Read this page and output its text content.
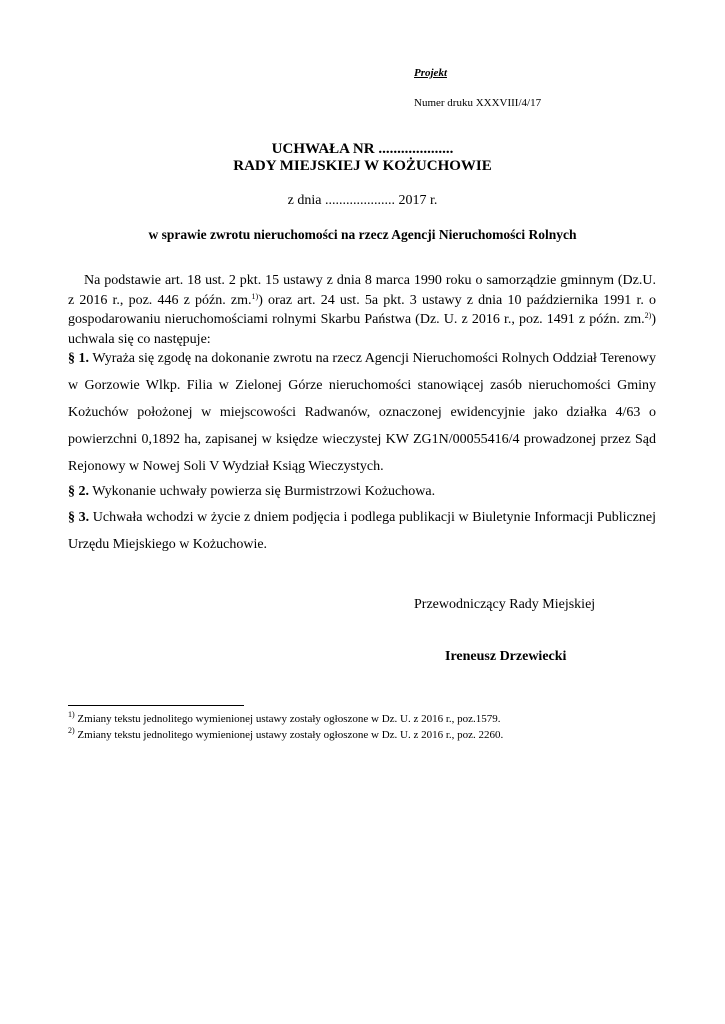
Projekt
Numer druku XXXVIII/4/17
UCHWAŁA NR ....................
RADY MIEJSKIEJ W KOŻUCHOWIE
z dnia .................... 2017 r.
w sprawie zwrotu nieruchomości na rzecz Agencji Nieruchomości Rolnych
Na podstawie art. 18 ust. 2 pkt. 15 ustawy z dnia 8 marca 1990 roku o samorządzie gminnym (Dz.U. z 2016 r., poz. 446 z późn. zm.$^{1)}$) oraz art. 24 ust. 5a pkt. 3 ustawy z dnia 10 października 1991 r. o gospodarowaniu nieruchomościami rolnymi Skarbu Państwa (Dz. U. z 2016 r., poz. 1491 z późn. zm.$^{2)}$) uchwala się co następuje:
§ 1. Wyraża się zgodę na dokonanie zwrotu na rzecz Agencji Nieruchomości Rolnych Oddział Terenowy w Gorzowie Wlkp. Filia w Zielonej Górze nieruchomości stanowiącej zasób nieruchomości Gminy Kożuchów położonej w miejscowości Radwanów, oznaczonej ewidencyjnie jako działka 4/63 o powierzchni 0,1892 ha, zapisanej w księdze wieczystej KW ZG1N/00055416/4 prowadzonej przez Sąd Rejonowy w Nowej Soli V Wydział Ksiąg Wieczystych.
§ 2. Wykonanie uchwały powierza się Burmistrzowi Kożuchowa.
§ 3. Uchwała wchodzi w życie z dniem podjęcia i podlega publikacji w Biuletynie Informacji Publicznej Urzędu Miejskiego w Kożuchowie.
Przewodniczący Rady Miejskiej
Ireneusz Drzewiecki
$^{1)}$ Zmiany tekstu jednolitego wymienionej ustawy zostały ogłoszone w Dz. U. z 2016 r., poz.1579.
$^{2)}$ Zmiany tekstu jednolitego wymienionej ustawy zostały ogłoszone w Dz. U. z 2016 r., poz. 2260.
